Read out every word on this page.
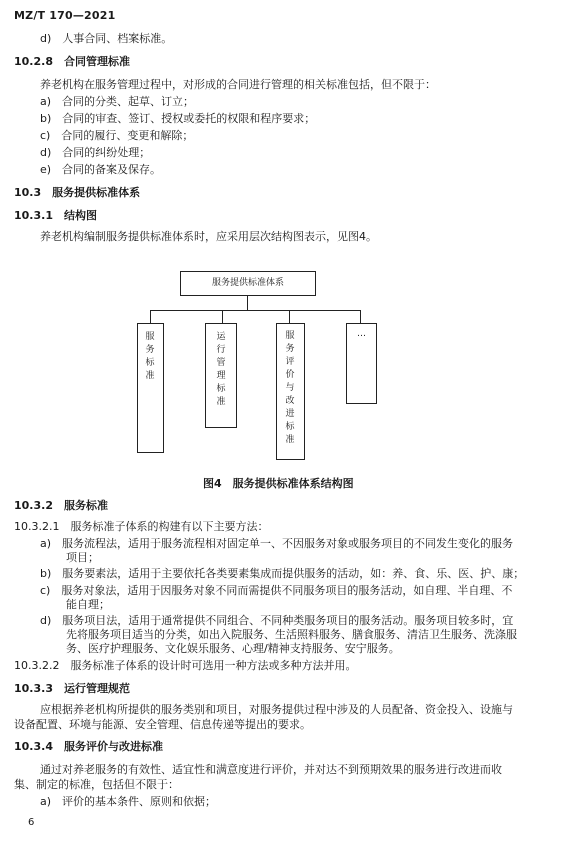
MZ/T 170—2021
d)　人事合同、档案标准。
10.2.8　合同管理标准
养老机构在服务管理过程中，对形成的合同进行管理的相关标准包括，但不限于：
a)　合同的分类、起草、订立；
b)　合同的审查、签订、授权或委托的权限和程序要求；
c)　合同的履行、变更和解除；
d)　合同的纠纷处理；
e)　合同的备案及保存。
10.3　服务提供标准体系
10.3.1　结构图
养老机构编制服务提供标准体系时，应采用层次结构图表示，见图4。
10.3.2　服务标准
10.3.2.1　服务标准子体系的构建有以下主要方法：
a)　服务流程法，适用于服务流程相对固定单一、不因服务对象或服务项目的不同发生变化的服务
项目；
b)　服务要素法，适用于主要依托各类要素集成而提供服务的活动，如：养、食、乐、医、护、康；
c)　服务对象法，适用于因服务对象不同而需提供不同服务项目的服务活动，如自理、半自理、不
能自理；
d)　服务项目法，适用于通常提供不同组合、不同种类服务项目的服务活动。服务项目较多时，宜
先将服务项目适当的分类，如出入院服务、生活照料服务、膳食服务、清洁卫生服务、洗涤服
务、医疗护理服务、文化娱乐服务、心理/精神支持服务、安宁服务。
10.3.2.2　服务标准子体系的设计时可选用一种方法或多种方法并用。
10.3.3　运行管理规范
应根据养老机构所提供的服务类别和项目，对服务提供过程中涉及的人员配备、资金投入、设施与
设备配置、环境与能源、安全管理、信息传递等提出的要求。
10.3.4　服务评价与改进标准
通过对养老服务的有效性、适宜性和满意度进行评价，并对达不到预期效果的服务进行改进而收
集、制定的标准，包括但不限于：
a)　评价的基本条件、原则和依据；
服务提供标准体系
服务标准
运行管理标准
服务评价与改进标准
…
图4　服务提供标准体系结构图
6
